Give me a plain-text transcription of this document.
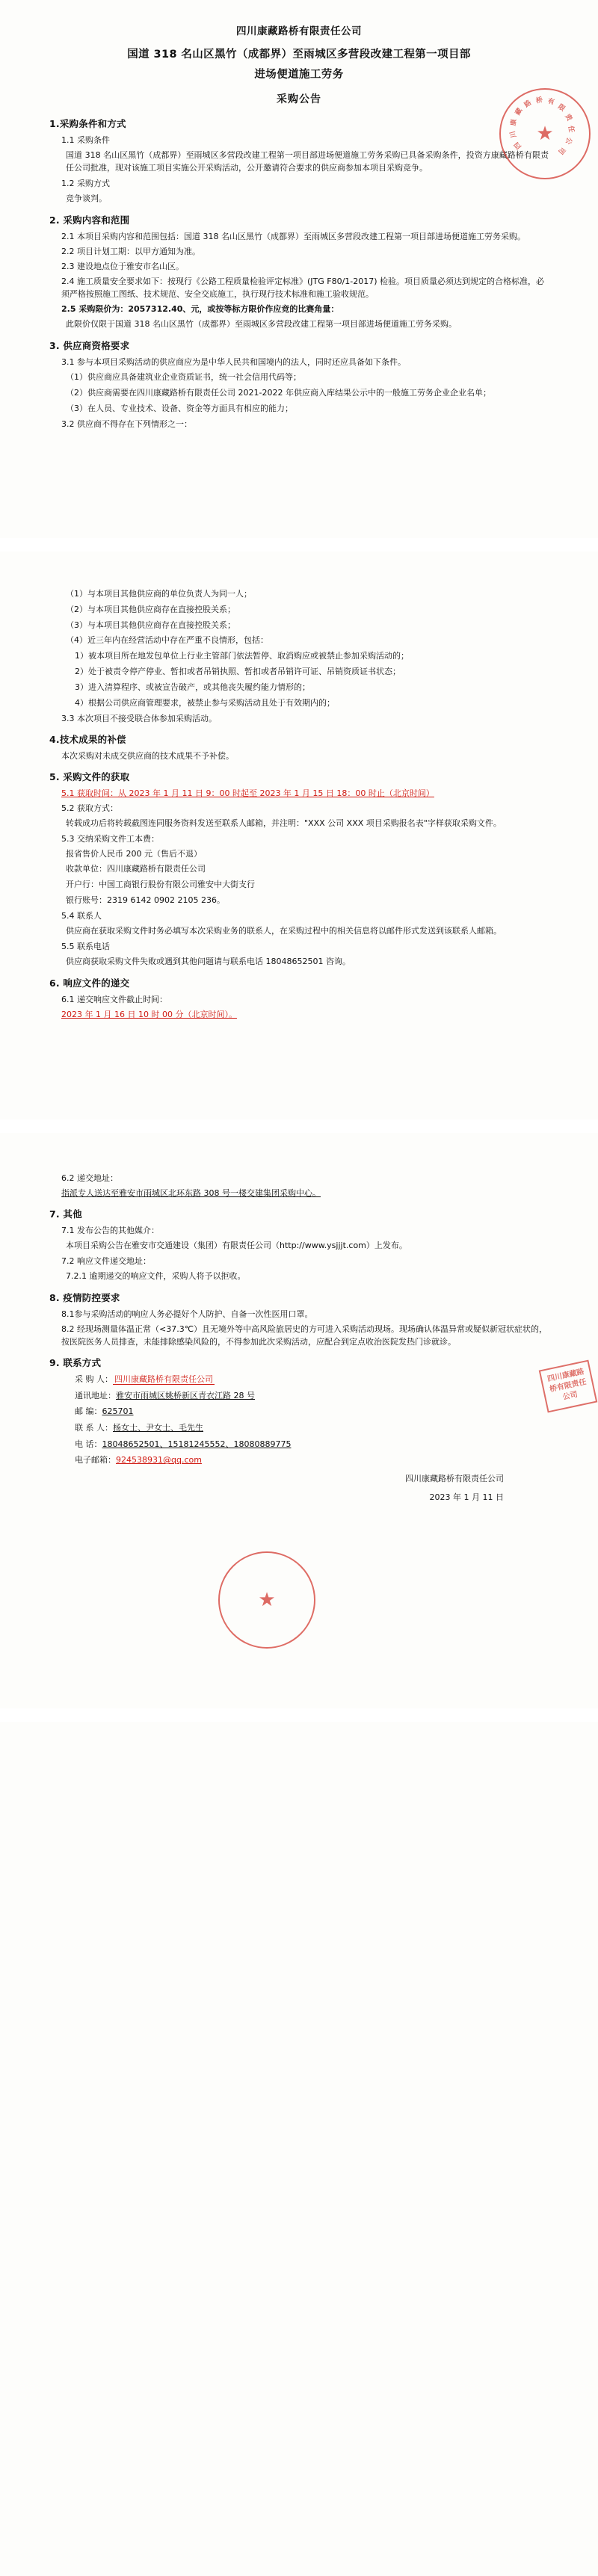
★
四
川
康
藏
路 桥 有
限
责
任
公
司
四川康藏路桥有限责任公司
国道 318 名山区黑竹（成都界）至雨城区多营段改建工程第一项目部
进场便道施工劳务
采购公告
1.采购条件和方式

1.1 采购条件

国道 318 名山区黑竹（成都界）至雨城区多营段改建工程第一项目部进场便道施工劳务采购已具备采购条件，投资方康藏路桥有限责任公司批准，现对该施工项目实施公开采购活动，公开邀请符合要求的供应商参加本项目采购竞争。

1.2 采购方式

竞争谈判。

2. 采购内容和范围

2.1 本项目采购内容和范围包括：国道 318 名山区黑竹（成都界）至雨城区多营段改建工程第一项目部进场便道施工劳务采购。

2.2 项目计划工期：以甲方通知为准。

2.3 建设地点位于雅安市名山区。

2.4 施工质量安全要求如下：按现行《公路工程质量检验评定标准》(JTG F80/1-2017) 检验。项目质量必须达到规定的合格标准，必须严格按照施工图纸、技术规范、安全交底施工，执行现行技术标准和施工验收规范。

2.5 采购限价为：2057312.40、元，或按等标方限价作应竞的比赛角量：

此限价仅限于国道 318 名山区黑竹（成都界）至雨城区多营段改建工程第一项目部进场便道施工劳务采购。

3. 供应商资格要求

3.1 参与本项目采购活动的供应商应为是中华人民共和国境内的法人，同时还应具备如下条件。

（1）供应商应具备建筑业企业资质证书，统一社会信用代码等；

（2）供应商需要在四川康藏路桥有限责任公司 2021-2022 年供应商入库结果公示中的一般施工劳务企业企业名单；

（3）在人员、专业技术、设备、资金等方面具有相应的能力；

3.2 供应商不得存在下列情形之一：

（1）与本项目其他供应商的单位负责人为同一人；

（2）与本项目其他供应商存在直接控股关系；

（3）与本项目其他供应商存在直接控股关系；

（4）近三年内在经营活动中存在严重不良情形，包括：

1）被本项目所在地发包单位上行业主管部门依法暂停、取消购应或被禁止参加采购活动的；

2）处于被责令停产停业、暂扣或者吊销执照、暂扣或者吊销许可证、吊销资质证书状态；

3）进入清算程序、或被宣告破产，或其他丧失履约能力情形的；

4）根据公司供应商管理要求，被禁止参与采购活动且处于有效期内的；

3.3 本次项目不接受联合体参加采购活动。

4.技术成果的补偿

本次采购对未成交供应商的技术成果不予补偿。

5. 采购文件的获取

5.1 获取时间：从 2023 年 1 月 11 日 9：00 时起至 2023 年 1 月 15 日 18：00 时止（北京时间）

5.2 获取方式：

转载成功后将转载截图连同服务资料发送至联系人邮箱，并注明："XXX 公司 XXX 项目采购报名表"字样获取采购文件。

5.3 交纳采购文件工本费：

报省售价人民币 200 元（售后不退）

收款单位：四川康藏路桥有限责任公司

开户行：中国工商银行股份有限公司雅安中大街支行

银行账号：2319 6142 0902 2105 236。

5.4 联系人

供应商在获取采购文件时务必填写本次采购业务的联系人，在采购过程中的相关信息将以邮件形式发送到该联系人邮箱。

5.5 联系电话

供应商获取采购文件失败或遇到其他问题请与联系电话 18048652501 咨询。

6. 响应文件的递交

6.1 递交响应文件截止时间：

2023 年 1 月 16 日 10 时 00 分（北京时间）。

四川康藏路桥有限责任公司
★

6.2 递交地址：

指派专人送达至雅安市雨城区北环东路 308 号一楼交建集团采购中心。

7. 其他

7.1 发布公告的其他媒介：

本项目采购公告在雅安市交通建设（集团）有限责任公司（http://www.ysjjjt.com）上发布。

7.2 响应文件递交地址：

7.2.1 逾期递交的响应文件，采购人将予以拒收。

8. 疫情防控要求

8.1参与采购活动的响应人务必提好个人防护、自备一次性医用口罩。

8.2 经现场测量体温正常（<37.3℃）且无境外等中高风险旅居史的方可进入采购活动现场。现场确认体温异常或疑似新冠状症状的，按医院医务人员排查，未能排除感染风险的，不得参加此次采购活动，应配合到定点收治医院发热门诊就诊。

9. 联系方式
采 购 人： 四川康藏路桥有限责任公司
通讯地址：雅安市雨城区姚桥新区青衣江路 28 号
邮 编：625701
联 系 人：杨女士、尹女士、毛先生
电 话：18048652501、15181245552、18080889775
电子邮箱：924538931@qq.com
四川康藏路桥有限责任公司
2023 年 1 月 11 日
